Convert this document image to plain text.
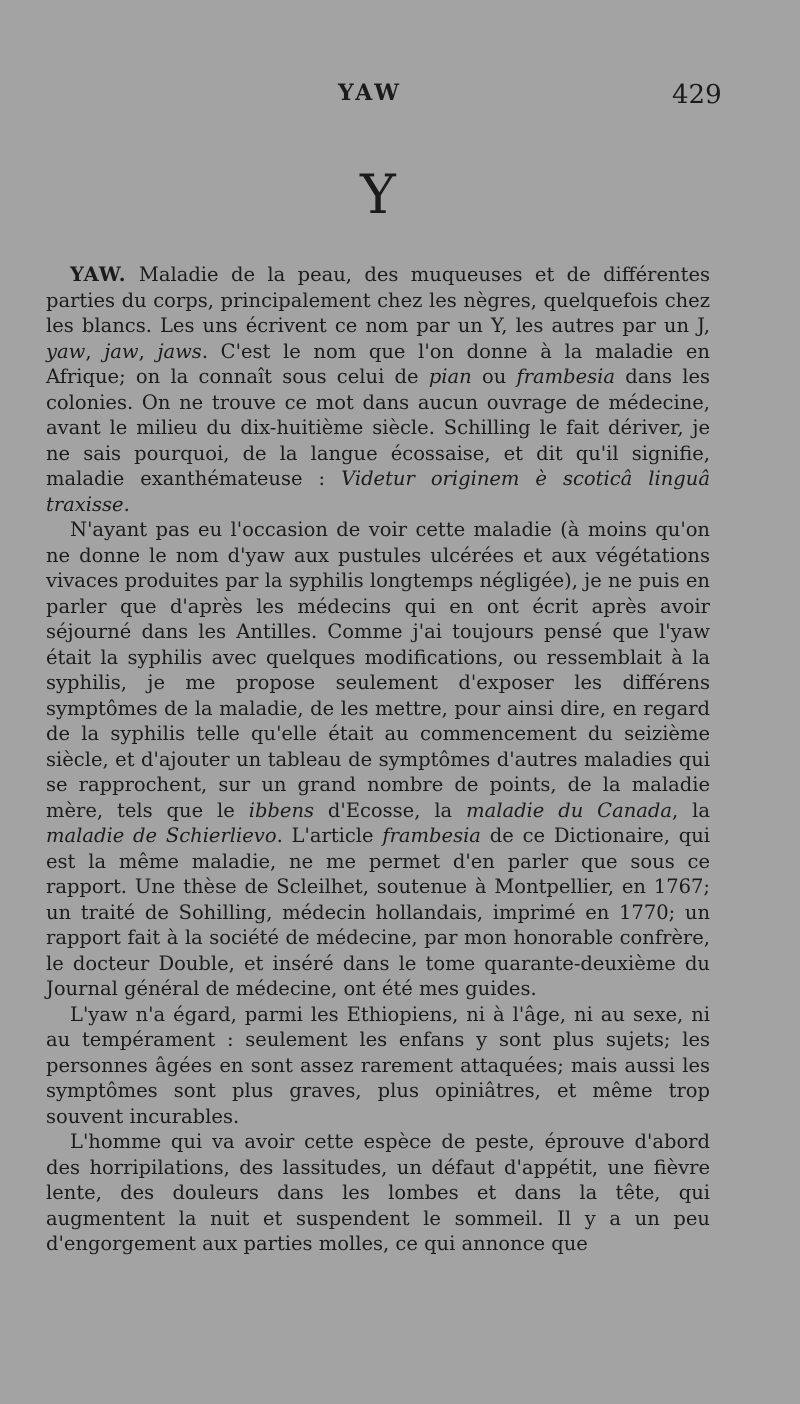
YAW	429
Y

YAW. Maladie de la peau, des muqueuses et de différentes parties du corps, principalement chez les nègres, quelquefois chez les blancs. Les uns écrivent ce nom par un Y, les autres par un J, yaw, jaw, jaws. C'est le nom que l'on donne à la maladie en Afrique; on la connaît sous celui de pian ou frambesia dans les colonies. On ne trouve ce mot dans aucun ouvrage de médecine, avant le milieu du dix-huitième siècle. Schilling le fait dériver, je ne sais pourquoi, de la langue écossaise, et dit qu'il signifie, maladie exanthémateuse : Videtur originem è scoticâ linguâ traxisse.

N'ayant pas eu l'occasion de voir cette maladie (à moins qu'on ne donne le nom d'yaw aux pustules ulcérées et aux végétations vivaces produites par la syphilis longtemps négligée), je ne puis en parler que d'après les médecins qui en ont écrit après avoir séjourné dans les Antilles. Comme j'ai toujours pensé que l'yaw était la syphilis avec quelques modifications, ou ressemblait à la syphilis, je me propose seulement d'exposer les différens symptômes de la maladie, de les mettre, pour ainsi dire, en regard de la syphilis telle qu'elle était au commencement du seizième siècle, et d'ajouter un tableau de symptômes d'autres maladies qui se rapprochent, sur un grand nombre de points, de la maladie mère, tels que le ibbens d'Ecosse, la maladie du Canada, la maladie de Schierlievo. L'article frambesia de ce Dictionaire, qui est la même maladie, ne me permet d'en parler que sous ce rapport. Une thèse de Scleilhet, soutenue à Montpellier, en 1767; un traité de Sohilling, médecin hollandais, imprimé en 1770; un rapport fait à la société de médecine, par mon honorable confrère, le docteur Double, et inséré dans le tome quarante-deuxième du Journal général de médecine, ont été mes guides.

L'yaw n'a égard, parmi les Ethiopiens, ni à l'âge, ni au sexe, ni au tempérament : seulement les enfans y sont plus sujets; les personnes âgées en sont assez rarement attaquées; mais aussi les symptômes sont plus graves, plus opiniâtres, et même trop souvent incurables.

L'homme qui va avoir cette espèce de peste, éprouve d'abord des horripilations, des lassitudes, un défaut d'appétit, une fièvre lente, des douleurs dans les lombes et dans la tête, qui augmentent la nuit et suspendent le sommeil. Il y a un peu d'engorgement aux parties molles, ce qui annonce que
